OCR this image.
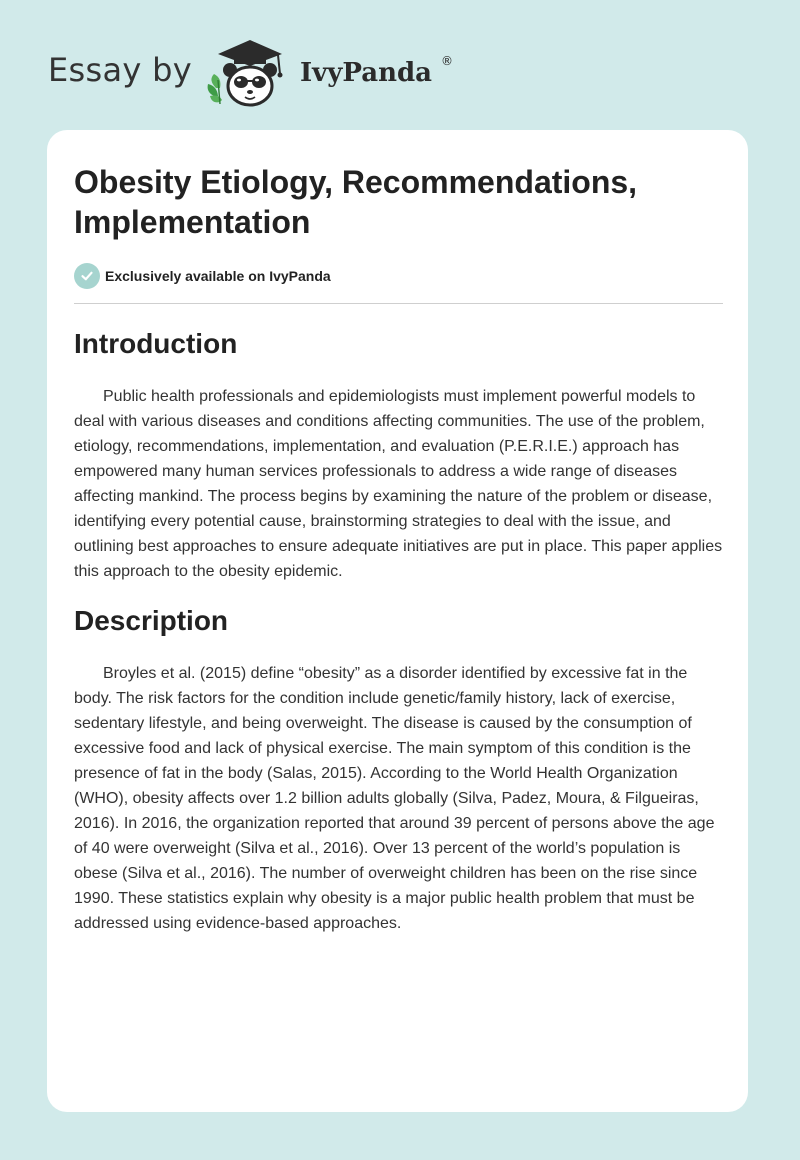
Essay by	IvyPanda ®
Obesity Etiology, Recommendations, Implementation
Exclusively available on IvyPanda
Introduction

Public health professionals and epidemiologists must implement powerful models to deal with various diseases and conditions affecting communities. The use of the problem, etiology, recommendations, implementation, and evaluation (P.E.R.I.E.) approach has empowered many human services professionals to address a wide range of diseases affecting mankind. The process begins by examining the nature of the problem or disease, identifying every potential cause, brainstorming strategies to deal with the issue, and outlining best approaches to ensure adequate initiatives are put in place. This paper applies this approach to the obesity epidemic.

Description

Broyles et al. (2015) define “obesity” as a disorder identified by excessive fat in the body. The risk factors for the condition include genetic/family history, lack of exercise, sedentary lifestyle, and being overweight. The disease is caused by the consumption of excessive food and lack of physical exercise. The main symptom of this condition is the presence of fat in the body (Salas, 2015). According to the World Health Organization (WHO), obesity affects over 1.2 billion adults globally (Silva, Padez, Moura, & Filgueiras, 2016). In 2016, the organization reported that around 39 percent of persons above the age of 40 were overweight (Silva et al., 2016). Over 13 percent of the world’s population is obese (Silva et al., 2016). The number of overweight children has been on the rise since 1990. These statistics explain why obesity is a major public health problem that must be addressed using evidence-based approaches.
